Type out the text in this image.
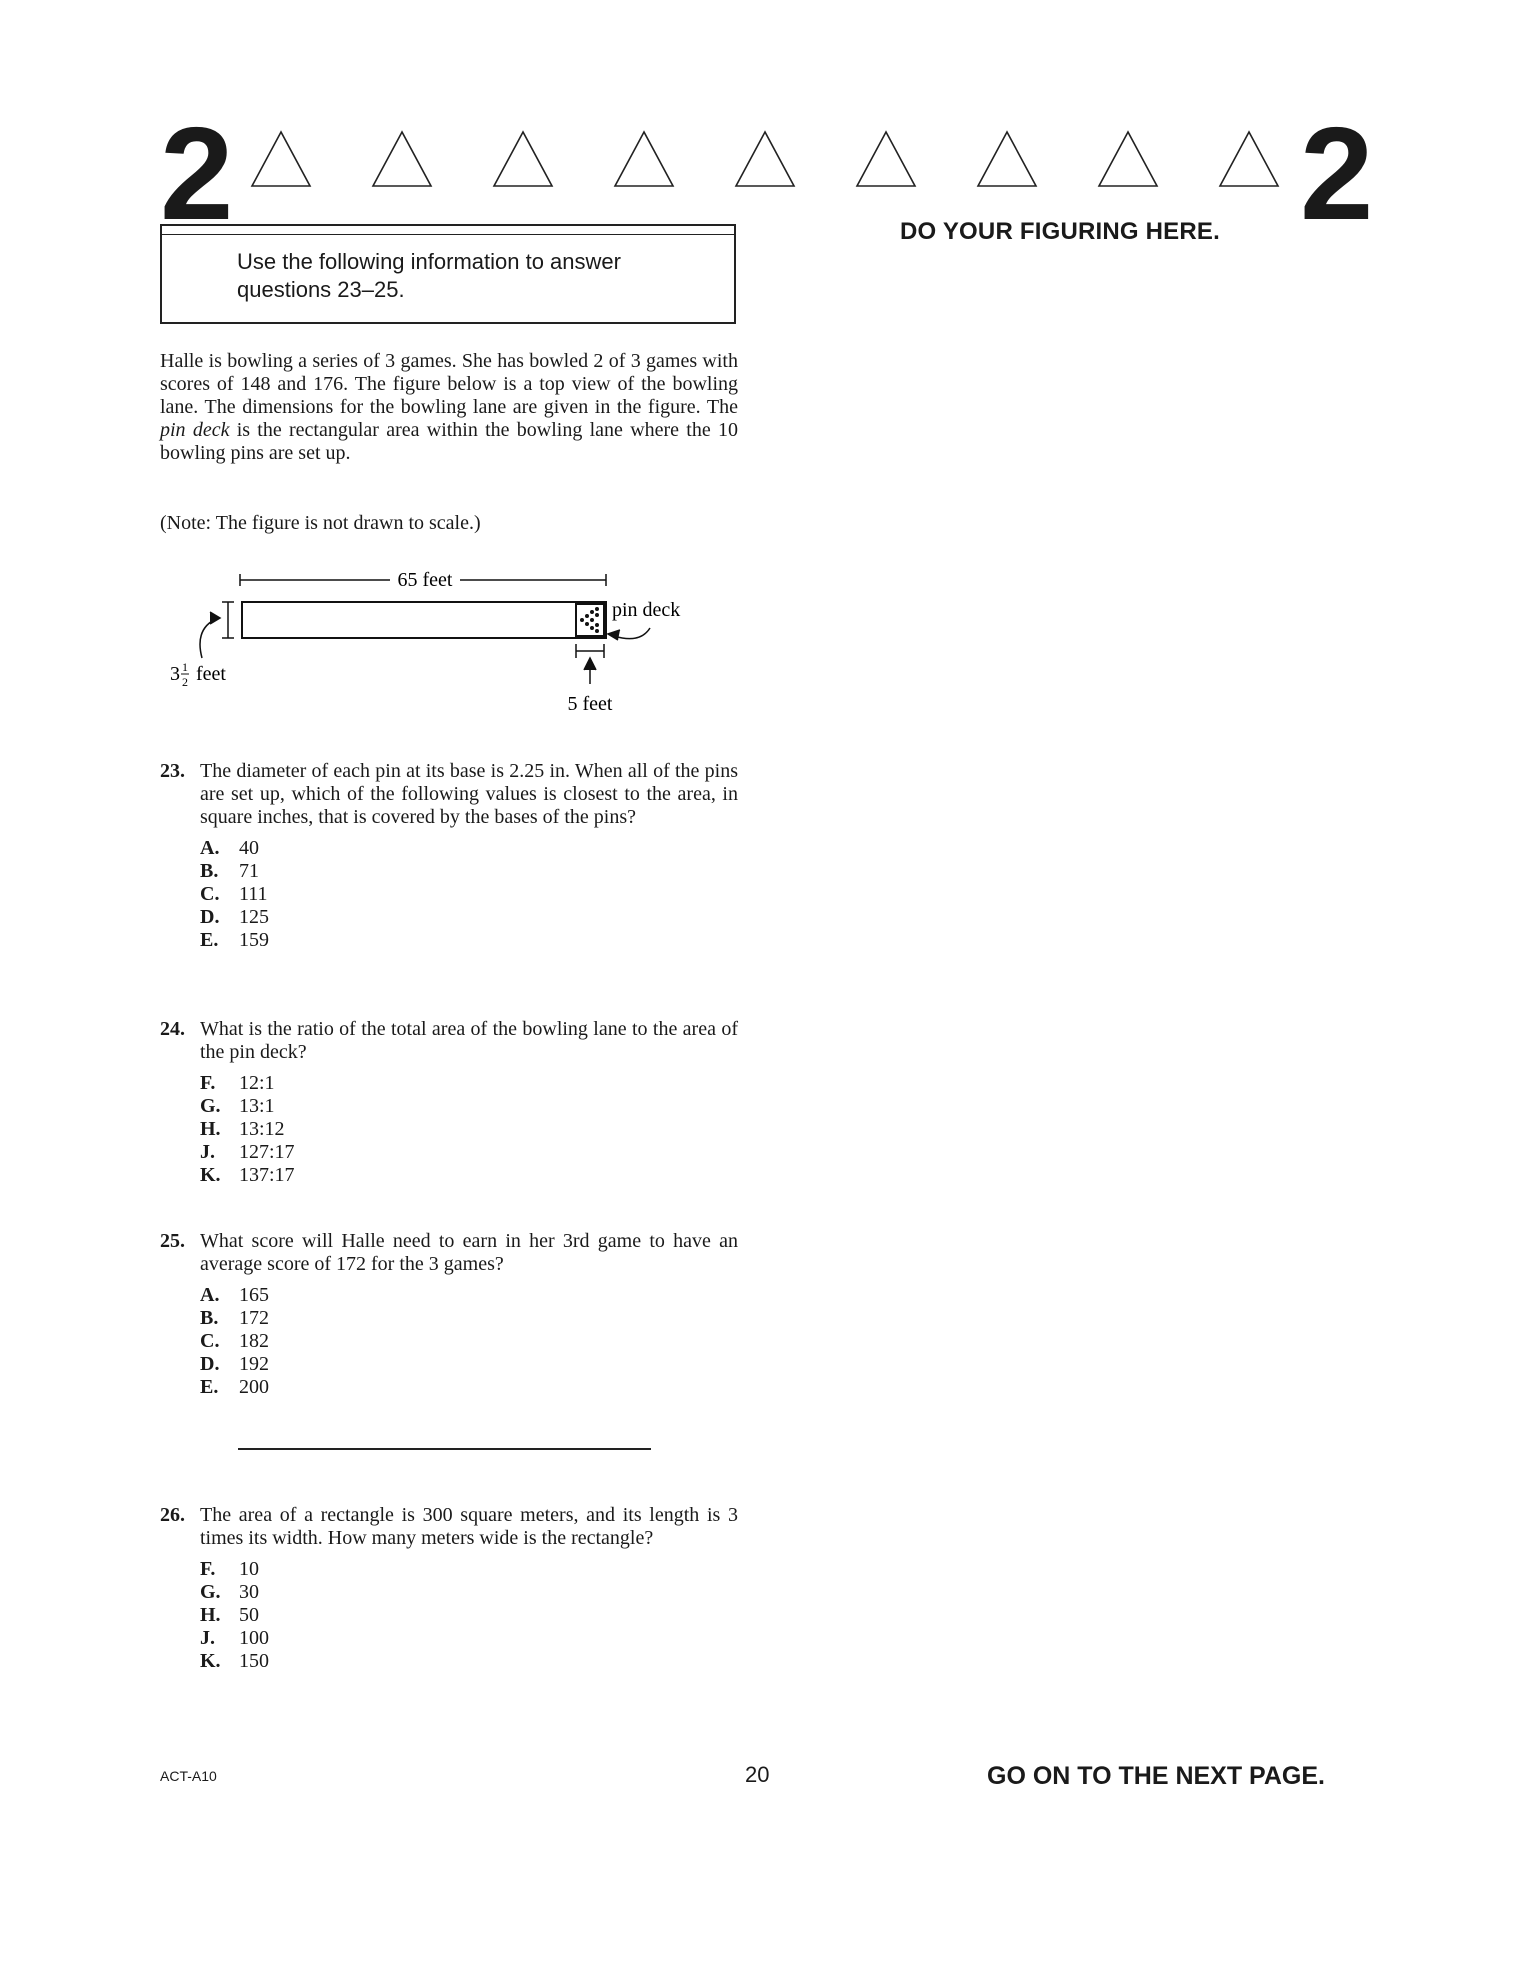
2	2
DO YOUR FIGURING HERE.
Use the following information to answer
questions 23–25.
Halle is bowling a series of 3 games. She has bowled 2 of 3 games with scores of 148 and 176. The figure below is a top view of the bowling lane. The dimensions for the bowling lane are given in the figure. The pin deck is the rectangular area within the bowling lane where the 10 bowling pins are set up.
(Note: The figure is not drawn to scale.)
65 feet
3 1
2 feet
5 feet
pin deck
23. The diameter of each pin at its base is 2.25 in. When all of the pins are set up, which of the following values is closest to the area, in square inches, that is covered by the bases of the pins?
A. 40
B.	71
C. 111
D. 125
E.	159
24. What is the ratio of the total area of the bowling lane to the area of the pin deck?
F.	12:1
G. 13:1
H. 13:12
J.	127:17
K. 137:17
25. What score will Halle need to earn in her 3rd game to have an average score of 172 for the 3 games?
A. 165
B.	172
C. 182
D. 192
E.	200
26. The area of a rectangle is 300 square meters, and its length is 3 times its width. How many meters wide is the rectangle?
F.	10
G. 30
H. 50
J.	100
K. 150
ACT-A10	20	GO ON TO THE NEXT PAGE.
